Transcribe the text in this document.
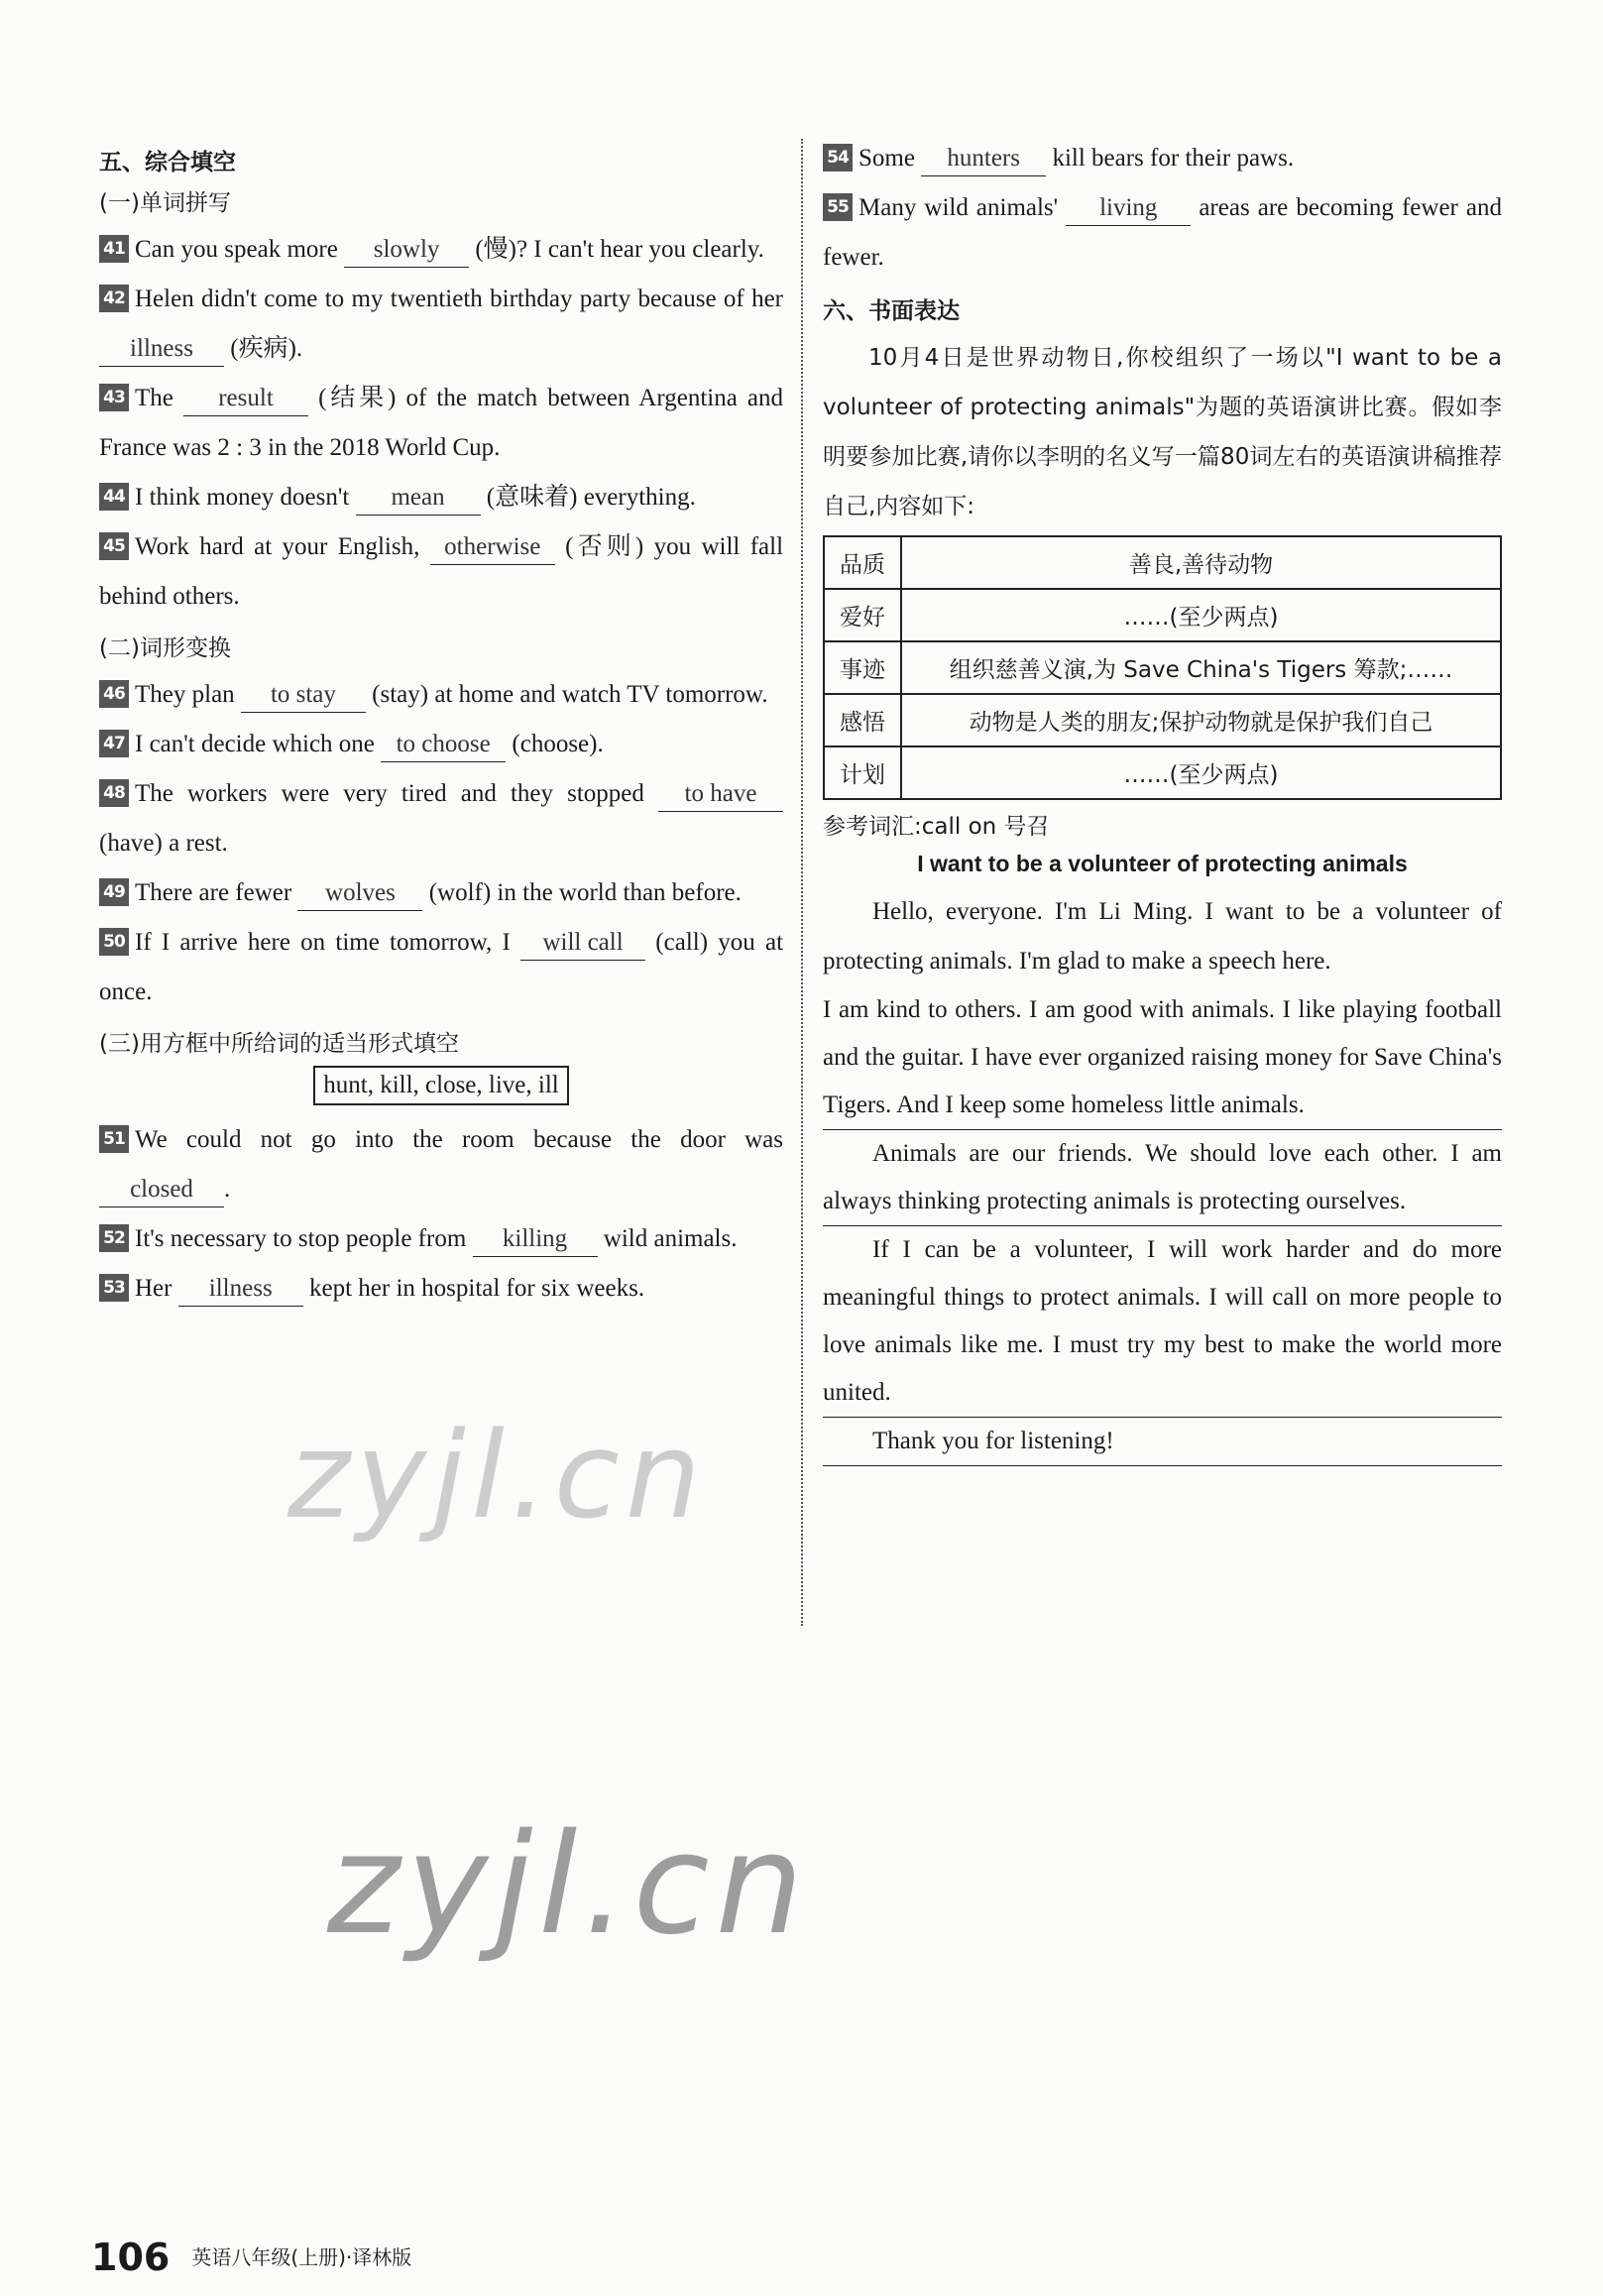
五、综合填空
(一)单词拼写
41 Can you speak more slowly (慢)? I can't hear you clearly.
42 Helen didn't come to my twentieth birthday party because of her illness (疾病).
43 The result (结果) of the match between Argentina and France was 2 : 3 in the 2018 World Cup.
44 I think money doesn't mean (意味着) everything.
45 Work hard at your English, otherwise (否则) you will fall behind others.
(二)词形变换
46 They plan to stay (stay) at home and watch TV tomorrow.
47 I can't decide which one to choose (choose).
48 The workers were very tired and they stopped to have (have) a rest.
49 There are fewer wolves (wolf) in the world than before.
50 If I arrive here on time tomorrow, I will call (call) you at once.
(三)用方框中所给词的适当形式填空
hunt, kill, close, live, ill
51 We could not go into the room because the door was closed .
52 It's necessary to stop people from killing wild animals.
53 Her illness kept her in hospital for six weeks.
54 Some hunters kill bears for their paws.
55 Many wild animals' living areas are becoming fewer and fewer.
六、书面表达
10月4日是世界动物日,你校组织了一场以"I want to be a volunteer of protecting animals"为题的英语演讲比赛。假如李明要参加比赛,请你以李明的名义写一篇80词左右的英语演讲稿推荐自己,内容如下:
品质	善良,善待动物
爱好	……(至少两点)
事迹	组织慈善义演,为 Save China's Tigers 筹款;……
感悟	动物是人类的朋友;保护动物就是保护我们自己
计划	……(至少两点)
参考词汇:call on 号召
I want to be a volunteer of protecting animals

Hello, everyone. I'm Li Ming. I want to be a volunteer of protecting animals. I'm glad to make a speech here.

I am kind to others. I am good with animals. I like playing football and the guitar. I have ever organized raising money for Save China's Tigers. And I keep some homeless little animals.

Animals are our friends. We should love each other. I am always thinking protecting animals is protecting ourselves.

If I can be a volunteer, I will work harder and do more meaningful things to protect animals. I will call on more people to love animals like me. I must try my best to make the world more united.

Thank you for listening!

zyjl.cn
zyjl.cn
106 英语八年级(上册)·译林版
